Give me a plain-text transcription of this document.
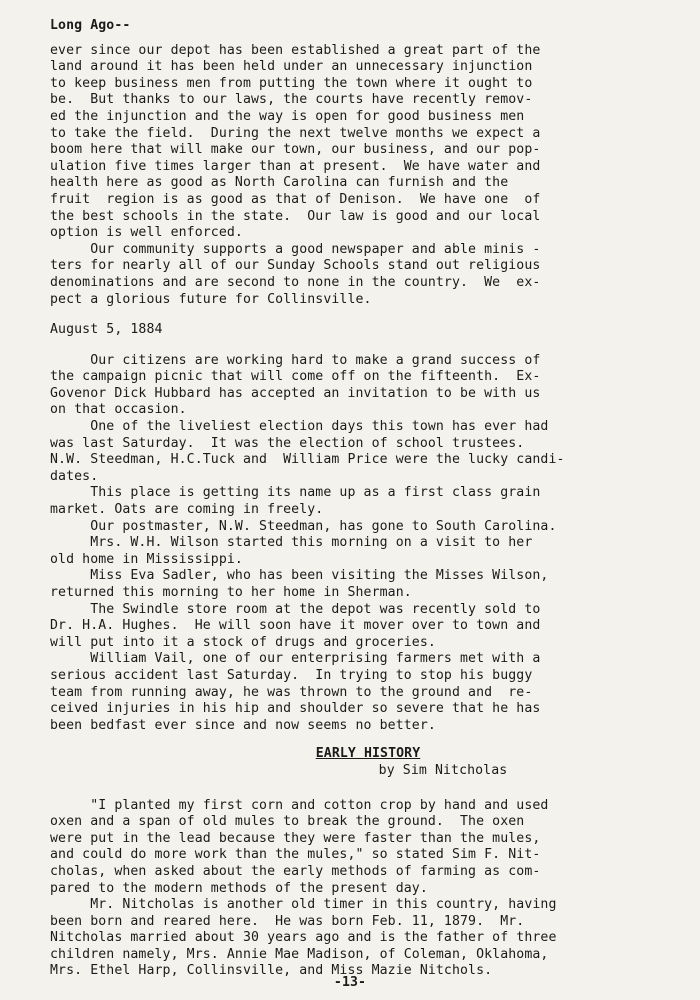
Long Ago--
ever since our depot has been established a great part of the
land around it has been held under an unnecessary injunction
to keep business men from putting the town where it ought to
be.  But thanks to our laws, the courts have recently remov-
ed the injunction and the way is open for good business men
to take the field.  During the next twelve months we expect a
boom here that will make our town, our business, and our pop-
ulation five times larger than at present.  We have water and
health here as good as North Carolina can furnish and the
fruit  region is as good as that of Denison.  We have one  of
the best schools in the state.  Our law is good and our local
option is well enforced.
Our community supports a good newspaper and able minis -
ters for nearly all of our Sunday Schools stand out religious
denominations and are second to none in the country.  We  ex-
pect a glorious future for Collinsville.
August 5, 1884
Our citizens are working hard to make a grand success of
the campaign picnic that will come off on the fifteenth.  Ex-
Govenor Dick Hubbard has accepted an invitation to be with us
on that occasion.
One of the liveliest election days this town has ever had
was last Saturday.  It was the election of school trustees.
N.W. Steedman, H.C.Tuck and  William Price were the lucky candi-
dates.
This place is getting its name up as a first class grain
market. Oats are coming in freely.
Our postmaster, N.W. Steedman, has gone to South Carolina.
Mrs. W.H. Wilson started this morning on a visit to her
old home in Mississippi.
Miss Eva Sadler, who has been visiting the Misses Wilson,
returned this morning to her home in Sherman.
The Swindle store room at the depot was recently sold to
Dr. H.A. Hughes.  He will soon have it mover over to town and
will put into it a stock of drugs and groceries.
William Vail, one of our enterprising farmers met with a
serious accident last Saturday.  In trying to stop his buggy
team from running away, he was thrown to the ground and  re-
ceived injuries in his hip and shoulder so severe that he has
been bedfast ever since and now seems no better.
EARLY HISTORY
by Sim Nitcholas
"I planted my first corn and cotton crop by hand and used
oxen and a span of old mules to break the ground.  The oxen
were put in the lead because they were faster than the mules,
and could do more work than the mules," so stated Sim F. Nit-
cholas, when asked about the early methods of farming as com-
pared to the modern methods of the present day.
Mr. Nitcholas is another old timer in this country, having
been born and reared here.  He was born Feb. 11, 1879.  Mr.
Nitcholas married about 30 years ago and is the father of three
children namely, Mrs. Annie Mae Madison, of Coleman, Oklahoma,
Mrs. Ethel Harp, Collinsville, and Miss Mazie Nitchols.
-13-
